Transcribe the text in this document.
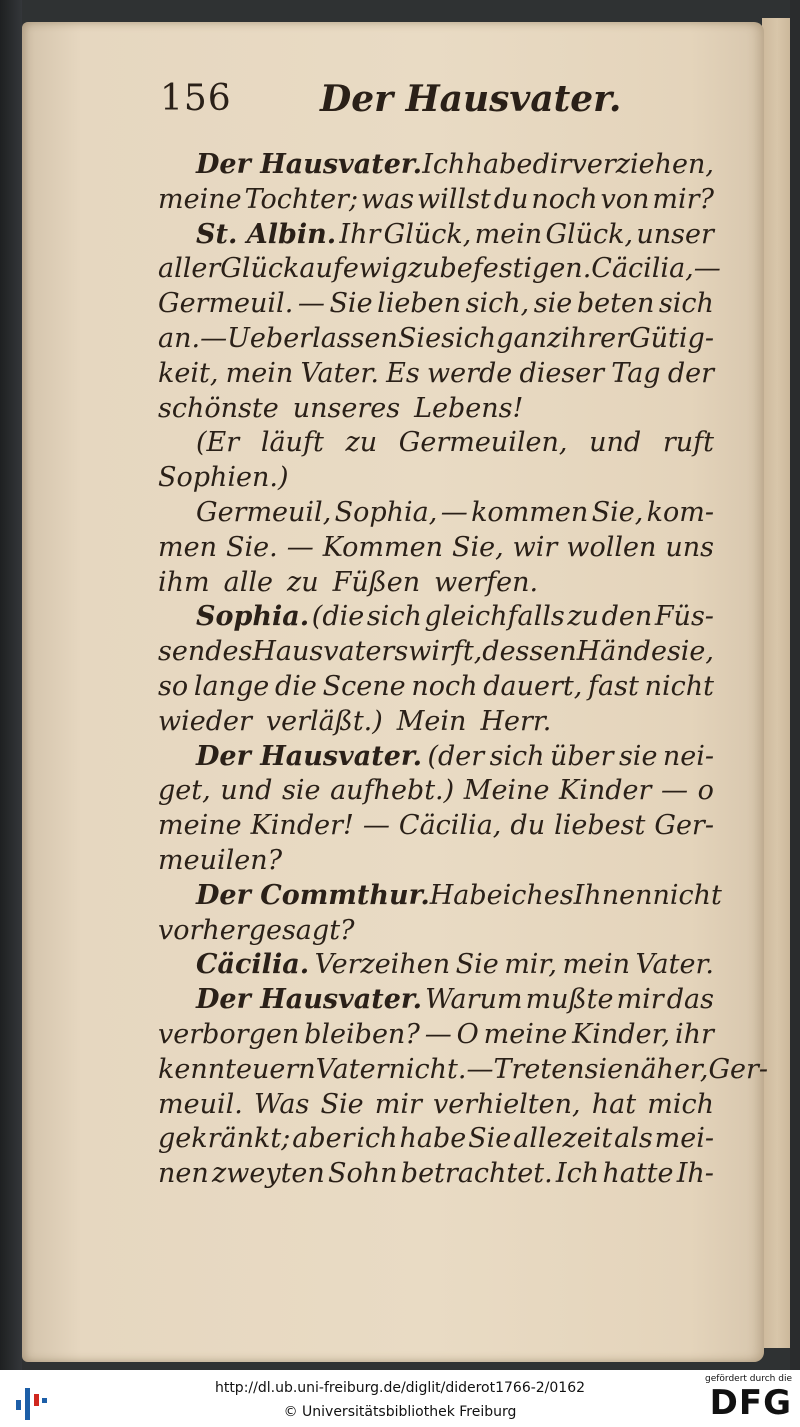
156 Der Hausvater.
Der Hausvater. Ich habe dir verziehen,
meine Tochter; was willst du noch von mir?
St. Albin. Ihr Glück, mein Glück, unser
aller Glück auf ewig zu befestigen. Cäcilia,—
Germeuil. — Sie lieben sich, sie beten sich
an. — Ueberlassen Sie sich ganz ihrer Gütig-
keit, mein Vater. Es werde dieser Tag der
schönste unseres Lebens!
(Er läuft zu Germeuilen, und ruft
Sophien.)
Germeuil, Sophia, — kommen Sie, kom-
men Sie. — Kommen Sie, wir wollen uns
ihm alle zu Füßen werfen.
Sophia. (die sich gleichfalls zu den Füs-
sen des Hausvaters wirft, dessen Hände sie,
so lange die Scene noch dauert, fast nicht
wieder verläßt.) Mein Herr.
Der Hausvater. (der sich über sie nei-
get, und sie aufhebt.) Meine Kinder — o
meine Kinder! — Cäcilia, du liebest Ger-
meuilen?
Der Commthur. Habe ich es Ihnen nicht
vorhergesagt?
Cäcilia. Verzeihen Sie mir, mein Vater.
Der Hausvater. Warum mußte mir das
verborgen bleiben? — O meine Kinder, ihr
kennt euern Vater nicht. — Treten sie näher, Ger-
meuil. Was Sie mir verhielten, hat mich
gekränkt; aber ich habe Sie allezeit als mei-
nen zweyten Sohn betrachtet. Ich hatte Ih-
http://dl.ub.uni-freiburg.de/diglit/diderot1766-2/0162
© Universitätsbibliothek Freiburg
gefördert durch die
DFG
